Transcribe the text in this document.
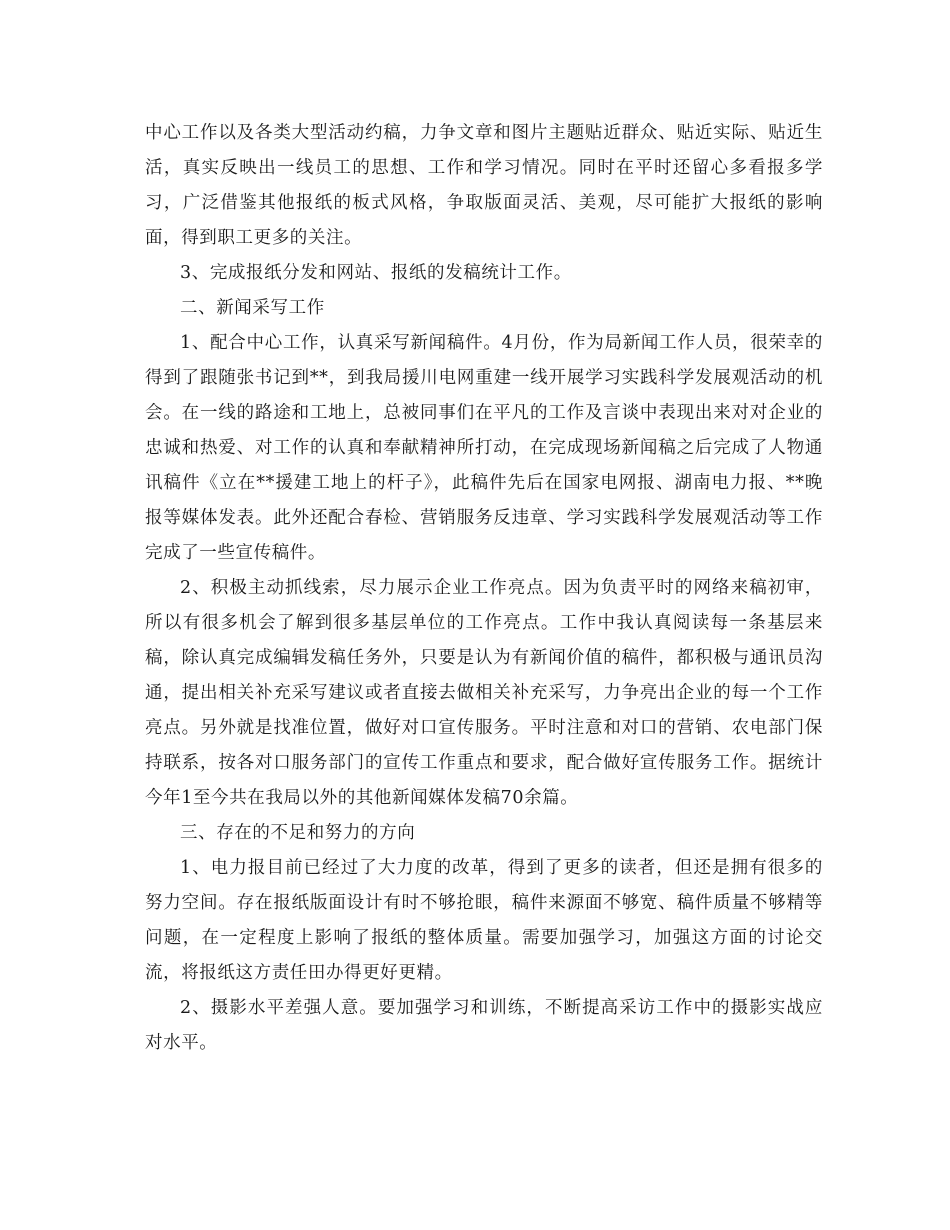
中心工作以及各类大型活动约稿，力争文章和图片主题贴近群众、贴近实际、贴近生活，真实反映出一线员工的思想、工作和学习情况。同时在平时还留心多看报多学习，广泛借鉴其他报纸的板式风格，争取版面灵活、美观，尽可能扩大报纸的影响面，得到职工更多的关注。

3、完成报纸分发和网站、报纸的发稿统计工作。

二、新闻采写工作

1、配合中心工作，认真采写新闻稿件。4月份，作为局新闻工作人员，很荣幸的得到了跟随张书记到**，到我局援川电网重建一线开展学习实践科学发展观活动的机会。在一线的路途和工地上，总被同事们在平凡的工作及言谈中表现出来对对企业的忠诚和热爱、对工作的认真和奉献精神所打动，在完成现场新闻稿之后完成了人物通讯稿件《立在**援建工地上的杆子》，此稿件先后在国家电网报、湖南电力报、**晚报等媒体发表。此外还配合春检、营销服务反违章、学习实践科学发展观活动等工作完成了一些宣传稿件。

2、积极主动抓线索，尽力展示企业工作亮点。因为负责平时的网络来稿初审，所以有很多机会了解到很多基层单位的工作亮点。工作中我认真阅读每一条基层来稿，除认真完成编辑发稿任务外，只要是认为有新闻价值的稿件，都积极与通讯员沟通，提出相关补充采写建议或者直接去做相关补充采写，力争亮出企业的每一个工作亮点。另外就是找准位置，做好对口宣传服务。平时注意和对口的营销、农电部门保持联系，按各对口服务部门的宣传工作重点和要求，配合做好宣传服务工作。据统计今年1至今共在我局以外的其他新闻媒体发稿70余篇。

三、存在的不足和努力的方向

1、电力报目前已经过了大力度的改革，得到了更多的读者，但还是拥有很多的努力空间。存在报纸版面设计有时不够抢眼，稿件来源面不够宽、稿件质量不够精等问题，在一定程度上影响了报纸的整体质量。需要加强学习，加强这方面的讨论交流，将报纸这方责任田办得更好更精。

2、摄影水平差强人意。要加强学习和训练，不断提高采访工作中的摄影实战应对水平。
